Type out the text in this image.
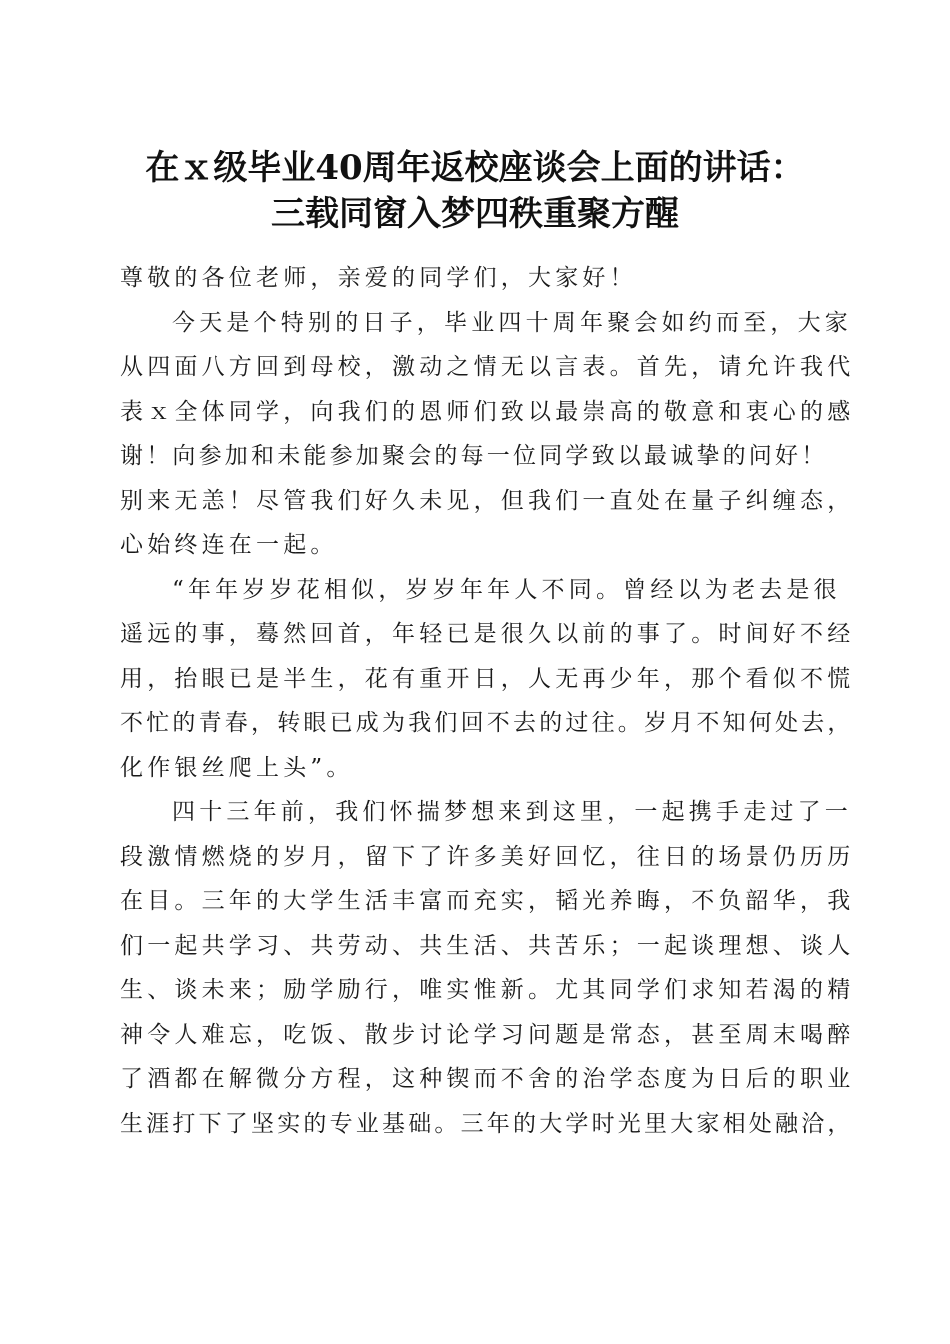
在ｘ级毕业40周年返校座谈会上面的讲话：
三载同窗入梦四秩重聚方醒
尊敬的各位老师，亲爱的同学们，大家好！
今天是个特别的日子，毕业四十周年聚会如约而至，大家
从四面八方回到母校，激动之情无以言表。首先，请允许我代
表ｘ全体同学，向我们的恩师们致以最崇高的敬意和衷心的感
谢！向参加和未能参加聚会的每一位同学致以最诚挚的问好！
别来无恙！尽管我们好久未见，但我们一直处在量子纠缠态，
心始终连在一起。
“年年岁岁花相似，岁岁年年人不同。曾经以为老去是很
遥远的事，蓦然回首，年轻已是很久以前的事了。时间好不经
用，抬眼已是半生，花有重开日，人无再少年，那个看似不慌
不忙的青春，转眼已成为我们回不去的过往。岁月不知何处去，
化作银丝爬上头”。
四十三年前，我们怀揣梦想来到这里，一起携手走过了一
段激情燃烧的岁月，留下了许多美好回忆，往日的场景仍历历
在目。三年的大学生活丰富而充实，韬光养晦，不负韶华，我
们一起共学习、共劳动、共生活、共苦乐；一起谈理想、谈人
生、谈未来；励学励行，唯实惟新。尤其同学们求知若渴的精
神令人难忘，吃饭、散步讨论学习问题是常态，甚至周末喝醉
了酒都在解微分方程，这种锲而不舍的治学态度为日后的职业
生涯打下了坚实的专业基础。三年的大学时光里大家相处融洽，
